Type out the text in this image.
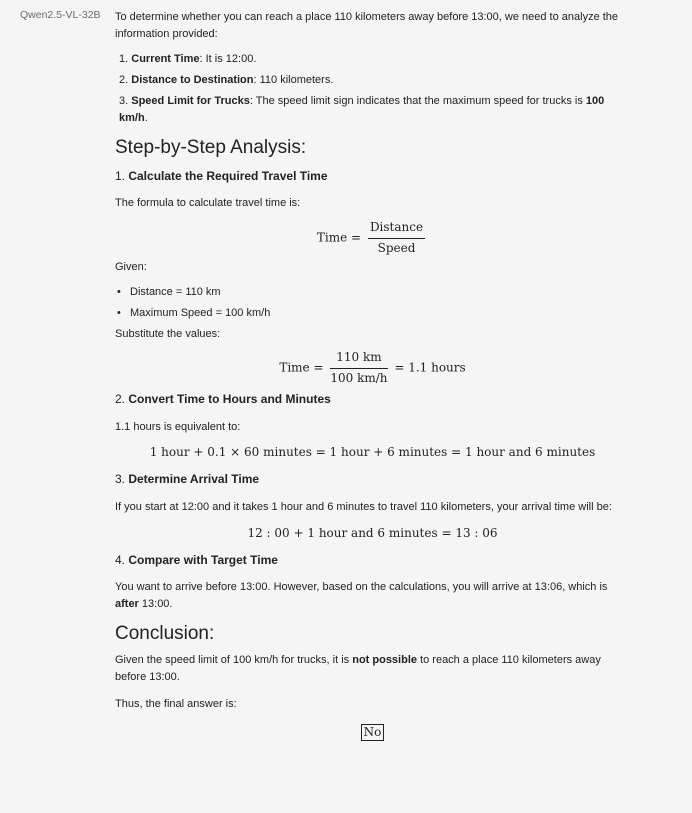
Qwen2.5-VL-32B To determine whether you can reach a place 110 kilometers away before 13:00, we need to analyze the information provided:

1. Current Time: It is 12:00.
2. Distance to Destination: 110 kilometers.
3. Speed Limit for Trucks: The speed limit sign indicates that the maximum speed for trucks is 100 km/h.
Step-by-Step Analysis:
1. Calculate the Required Travel Time

The formula to calculate travel time is:

Time = $\frac{\text{Distance}}{\text{Speed}}$

Given:

• Distance = 110 km
• Maximum Speed = 100 km/h

Substitute the values:

Time = $\frac{110 km}{100 km/h} = 1.1$ hours
2. Convert Time to Hours and Minutes

1.1 hours is equivalent to:

1 hour + 0.1 × 60 minutes = 1 hour + 6 minutes = 1 hour and 6 minutes
3. Determine Arrival Time

If you start at 12:00 and it takes 1 hour and 6 minutes to travel 110 kilometers, your arrival time will be:

12 : 00 + 1 hour and 6 minutes = 13 : 06
4. Compare with Target Time

You want to arrive before 13:00. However, based on the calculations, you will arrive at 13:06, which is after 13:00.

Conclusion:

Given the speed limit of 100 km/h for trucks, it is not possible to reach a place 110 kilometers away before 13:00.

Thus, the final answer is:

No
